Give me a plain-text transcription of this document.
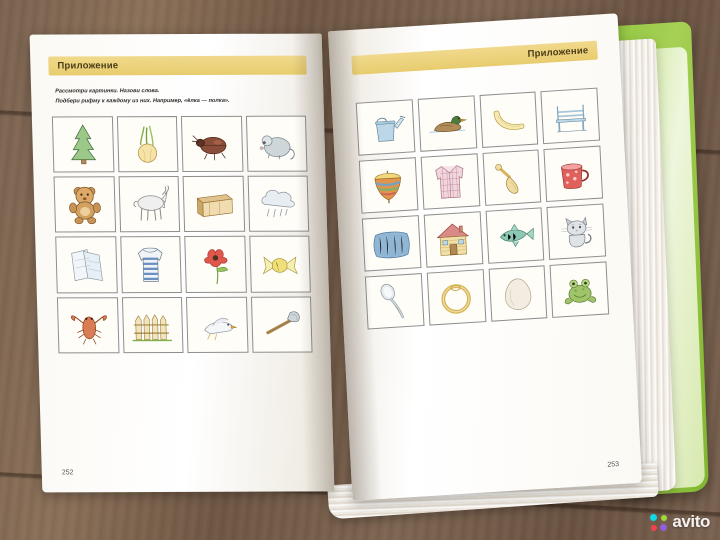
Приложение
Рассмотри картинки. Назови слова.
Подбери рифму к каждому из них. Например, «ёлка — полка».
252
Приложение
253
avito
